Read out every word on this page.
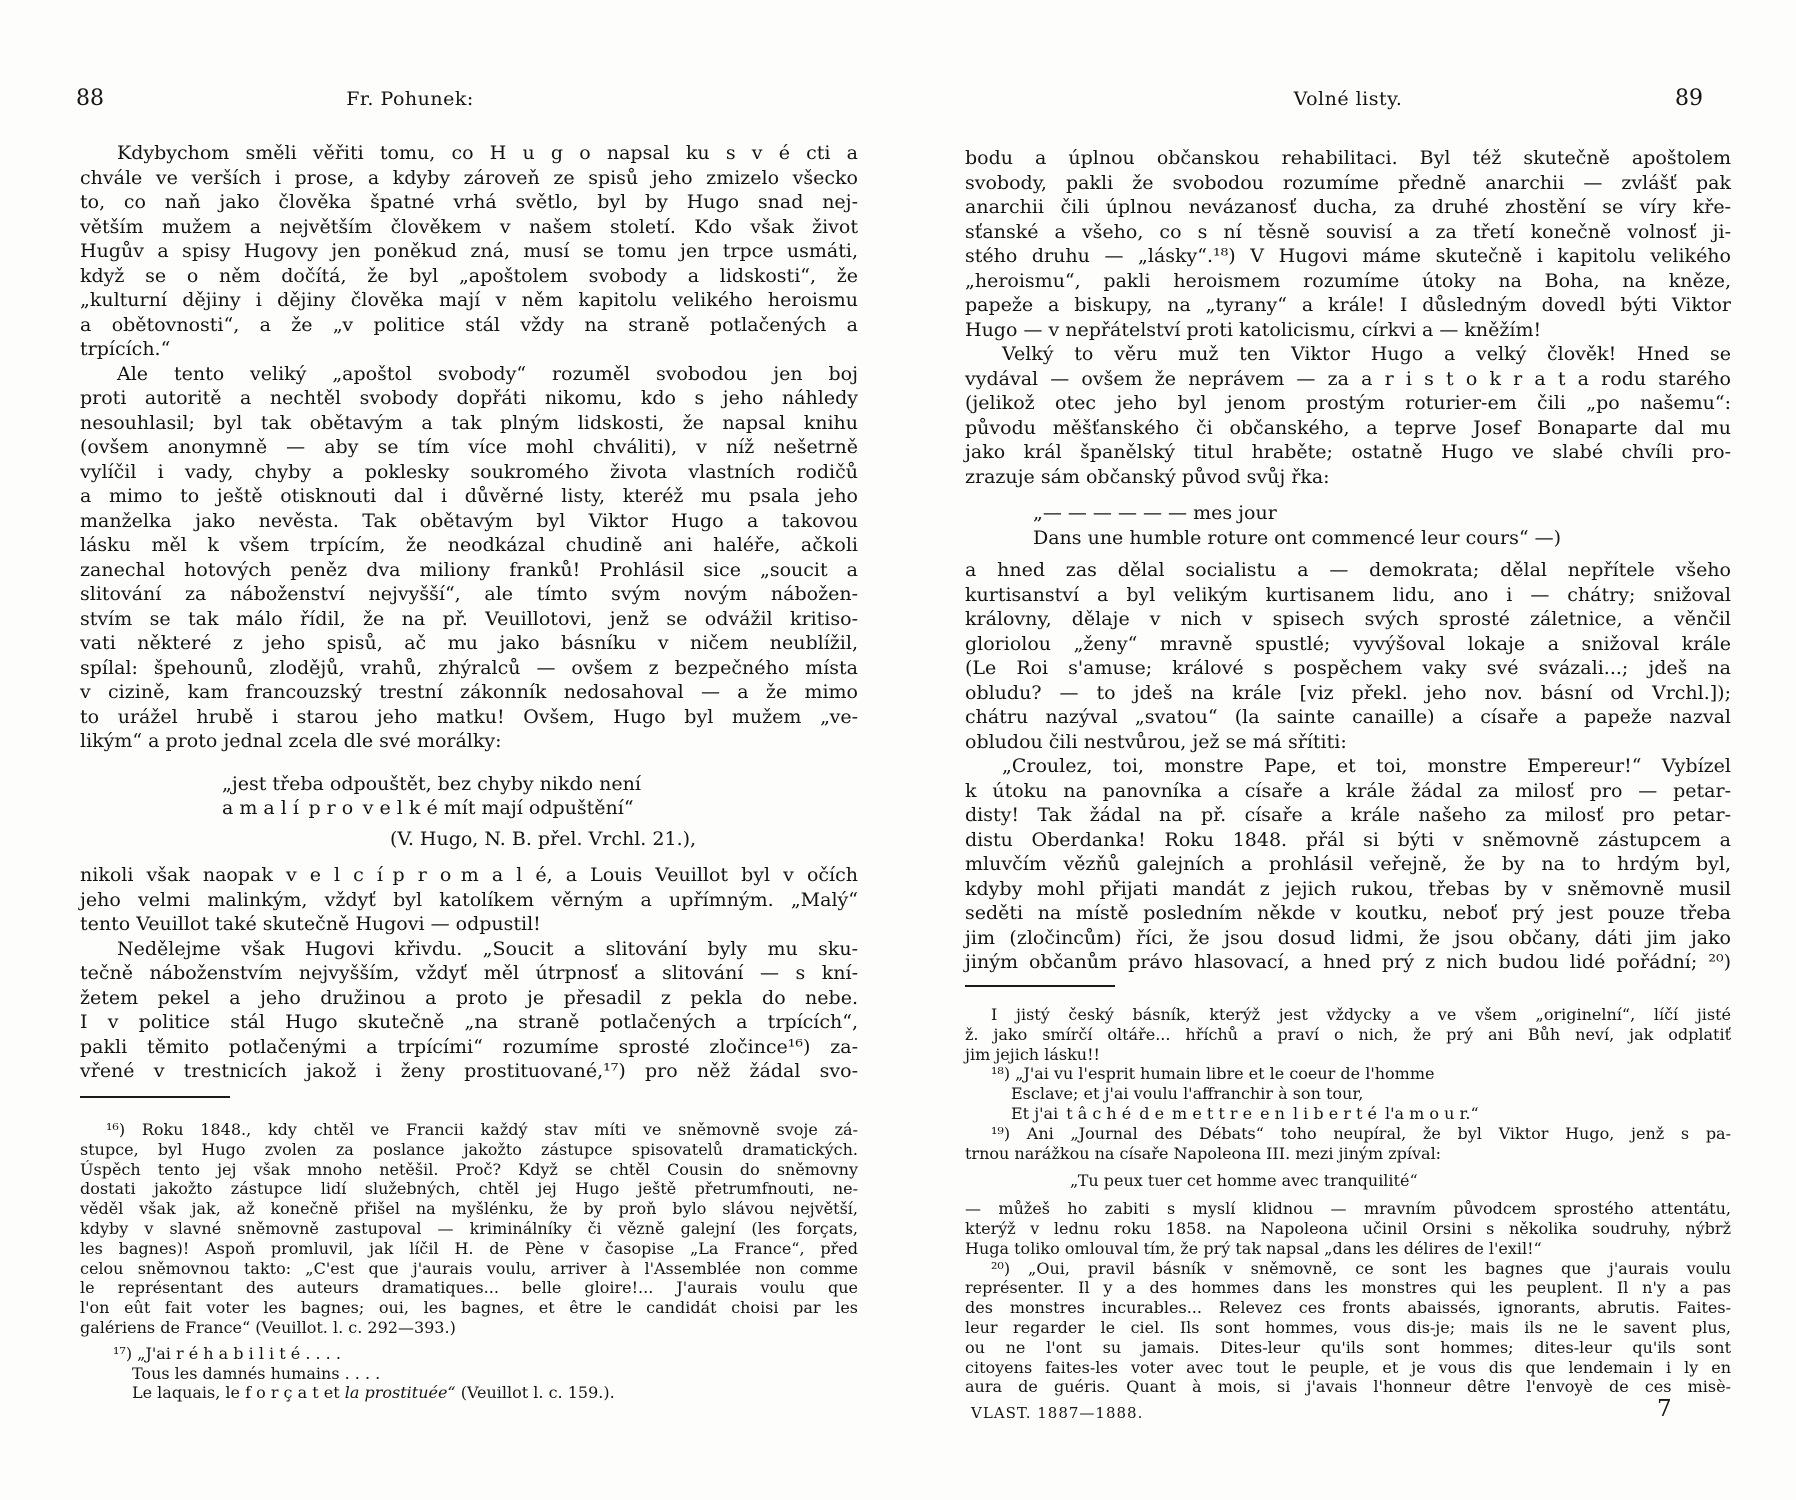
88	Fr. Pohunek:
Kdybychom směli věřiti tomu, co H u g o napsal ku s v é cti a
chvále ve verších i prose, a kdyby zároveň ze spisů jeho zmizelo všecko
to, co naň jako člověka špatné vrhá světlo, byl by Hugo snad nej-
větším mužem a největším člověkem v našem století. Kdo však život
Hugův a spisy Hugovy jen poněkud zná, musí se tomu jen trpce usmáti,
když se o něm dočítá, že byl „apoštolem svobody a lidskosti“, že
„kulturní dějiny i dějiny člověka mají v něm kapitolu velikého heroismu
a obětovnosti“, a že „v politice stál vždy na straně potlačených a
trpících.“
Ale tento veliký „apoštol svobody“ rozuměl svobodou jen boj
proti autoritě a nechtěl svobody dopřáti nikomu, kdo s jeho náhledy
nesouhlasil; byl tak obětavým a tak plným lidskosti, že napsal knihu
(ovšem anonymně — aby se tím více mohl chváliti), v níž nešetrně
vylíčil i vady, chyby a poklesky soukromého života vlastních rodičů
a mimo to ještě otisknouti dal i důvěrné listy, kteréž mu psala jeho
manželka jako nevěsta. Tak obětavým byl Viktor Hugo a takovou
lásku měl k všem trpícím, že neodkázal chudině ani haléře, ačkoli
zanechal hotových peněz dva miliony franků! Prohlásil sice „soucit a
slitování za náboženství nejvyšší“, ale tímto svým novým nábožen-
stvím se tak málo řídil, že na př. Veuillotovi, jenž se odvážil kritiso-
vati některé z jeho spisů, ač mu jako básníku v ničem neublížil,
spílal: špehounů, zlodějů, vrahů, zhýralců — ovšem z bezpečného místa
v cizině, kam francouzský trestní zákonník nedosahoval — a že mimo
to urážel hrubě i starou jeho matku! Ovšem, Hugo byl mužem „ve-
likým“ a proto jednal zcela dle své morálky:
„jest třeba odpouštět, bez chyby nikdo není
a m a l í p r o v e l k é mít mají odpuštění“
(V. Hugo, N. B. přel. Vrchl. 21.),
nikoli však naopak v e l c í p r o m a l é, a Louis Veuillot byl v očích
jeho velmi malinkým, vždyť byl katolíkem věrným a upřímným. „Malý“
tento Veuillot také skutečně Hugovi — odpustil!
Nedělejme však Hugovi křivdu. „Soucit a slitování byly mu sku-
tečně náboženstvím nejvyšším, vždyť měl útrpnosť a slitování — s kní-
žetem pekel a jeho družinou a proto je přesadil z pekla do nebe.
I v politice stál Hugo skutečně „na straně potlačených a trpících“,
pakli těmito potlačenými a trpícími“ rozumíme sprosté zločince¹⁶) za-
vřené v trestnicích jakož i ženy prostituované,¹⁷) pro něž žádal svo-
¹⁶) Roku 1848., kdy chtěl ve Francii každý stav míti ve sněmovně svoje zá-
stupce, byl Hugo zvolen za poslance jakožto zástupce spisovatelů dramatických.
Úspěch tento jej však mnoho netěšil. Proč? Když se chtěl Cousin do sněmovny
dostati jakožto zástupce lidí služebných, chtěl jej Hugo ještě přetrumfnouti, ne-
věděl však jak, až konečně přišel na myšlénku, že by proň bylo slávou největší,
kdyby v slavné sněmovně zastupoval — kriminálníky či vězně galejní (les forçats,
les bagnes)! Aspoň promluvil, jak líčil H. de Pène v časopise „La France“, před
celou sněmovnou takto: „C'est que j'aurais voulu, arriver à l'Assemblée non comme
le représentant des auteurs dramatiques... belle gloire!... J'aurais voulu que
l'on eût fait voter les bagnes; oui, les bagnes, et être le candidát choisi par les
galériens de France“ (Veuillot. l. c. 292—393.)
¹⁷) „J'ai r é h a b i l i t é . . . .
Tous les damnés humains . . . .
Le laquais, le f o r ç a t et la prostituée“ (Veuillot l. c. 159.).
Volné listy.	89
bodu a úplnou občanskou rehabilitaci. Byl též skutečně apoštolem
svobody, pakli že svobodou rozumíme předně anarchii — zvlášť pak
anarchii čili úplnou nevázanosť ducha, za druhé zhostění se víry kře-
sťanské a všeho, co s ní těsně souvisí a za třetí konečně volnosť ji-
stého druhu — „lásky“.¹⁸) V Hugovi máme skutečně i kapitolu velikého
„heroismu“, pakli heroismem rozumíme útoky na Boha, na kněze,
papeže a biskupy, na „tyrany“ a krále! I důsledným dovedl býti Viktor
Hugo — v nepřátelství proti katolicismu, církvi a — kněžím!
Velký to věru muž ten Viktor Hugo a velký člověk! Hned se
vydával — ovšem že neprávem — za a r i s t o k r a t a rodu starého
(jelikož otec jeho byl jenom prostým roturier-em čili „po našemu“:
původu měšťanského či občanského, a teprve Josef Bonaparte dal mu
jako král španělský titul hraběte; ostatně Hugo ve slabé chvíli pro-
zrazuje sám občanský původ svůj řka:
„— — — — — — mes jour
Dans une humble roture ont commencé leur cours“ —)
a hned zas dělal socialistu a — demokrata; dělal nepřítele všeho
kurtisanství a byl velikým kurtisanem lidu, ano i — chátry; snižoval
královny, dělaje v nich v spisech svých sprosté záletnice, a věnčil
gloriolou „ženy“ mravně spustlé; vyvýšoval lokaje a snižoval krále
(Le Roi s'amuse; králové s pospěchem vaky své svázali...; jdeš na
obludu? — to jdeš na krále [viz překl. jeho nov. básní od Vrchl.]);
chátru nazýval „svatou“ (la sainte canaille) a císaře a papeže nazval
obludou čili nestvůrou, jež se má sřítiti:
„Croulez, toi, monstre Pape, et toi, monstre Empereur!“ Vybízel
k útoku na panovníka a císaře a krále žádal za milosť pro — petar-
disty! Tak žádal na př. císaře a krále našeho za milosť pro petar-
distu Oberdanka! Roku 1848. přál si býti v sněmovně zástupcem a
mluvčím vězňů galejních a prohlásil veřejně, že by na to hrdým byl,
kdyby mohl přijati mandát z jejich rukou, třebas by v sněmovně musil
seděti na místě posledním někde v koutku, neboť prý jest pouze třeba
jim (zločincům) říci, že jsou dosud lidmi, že jsou občany, dáti jim jako
jiným občanům právo hlasovací, a hned prý z nich budou lidé pořádní; ²⁰)
I jistý český básník, kterýž jest vždycky a ve všem „originelní“, líčí jisté
ž. jako smírčí oltáře... hříchů a praví o nich, že prý ani Bůh neví, jak odplatiť
jim jejich lásku!!
¹⁸) „J'ai vu l'esprit humain libre et le coeur de l'homme
Esclave; et j'ai voulu l'affranchir à son tour,
Et j'ai t â c h é d e m e t t r e e n l i b e r t é l'a m o u r.“
¹⁹) Ani „Journal des Débats“ toho neupíral, že byl Viktor Hugo, jenž s pa-
trnou narážkou na císaře Napoleona III. mezi jiným zpíval:
„Tu peux tuer cet homme avec tranquilité“
— můžeš ho zabiti s myslí klidnou — mravním původcem sprostého attentátu,
kterýž v lednu roku 1858. na Napoleona učinil Orsini s několika soudruhy, nýbrž
Huga toliko omlouval tím, že prý tak napsal „dans les délires de l'exil!“
²⁰) „Oui, pravil básník v sněmovně, ce sont les bagnes que j'aurais voulu
représenter. Il y a des hommes dans les monstres qui les peuplent. Il n'y a pas
des monstres incurables... Relevez ces fronts abaissés, ignorants, abrutis. Faites-
leur regarder le ciel. Ils sont hommes, vous dis-je; mais ils ne le savent plus,
ou ne l'ont su jamais. Dites-leur qu'ils sont hommes; dites-leur qu'ils sont
citoyens faites-les voter avec tout le peuple, et je vous dis que lendemain i ly en
aura de guéris. Quant à mois, si j'avais l'honneur dêtre l'envoyè de ces misè-
VLAST. 1887—1888.	7
